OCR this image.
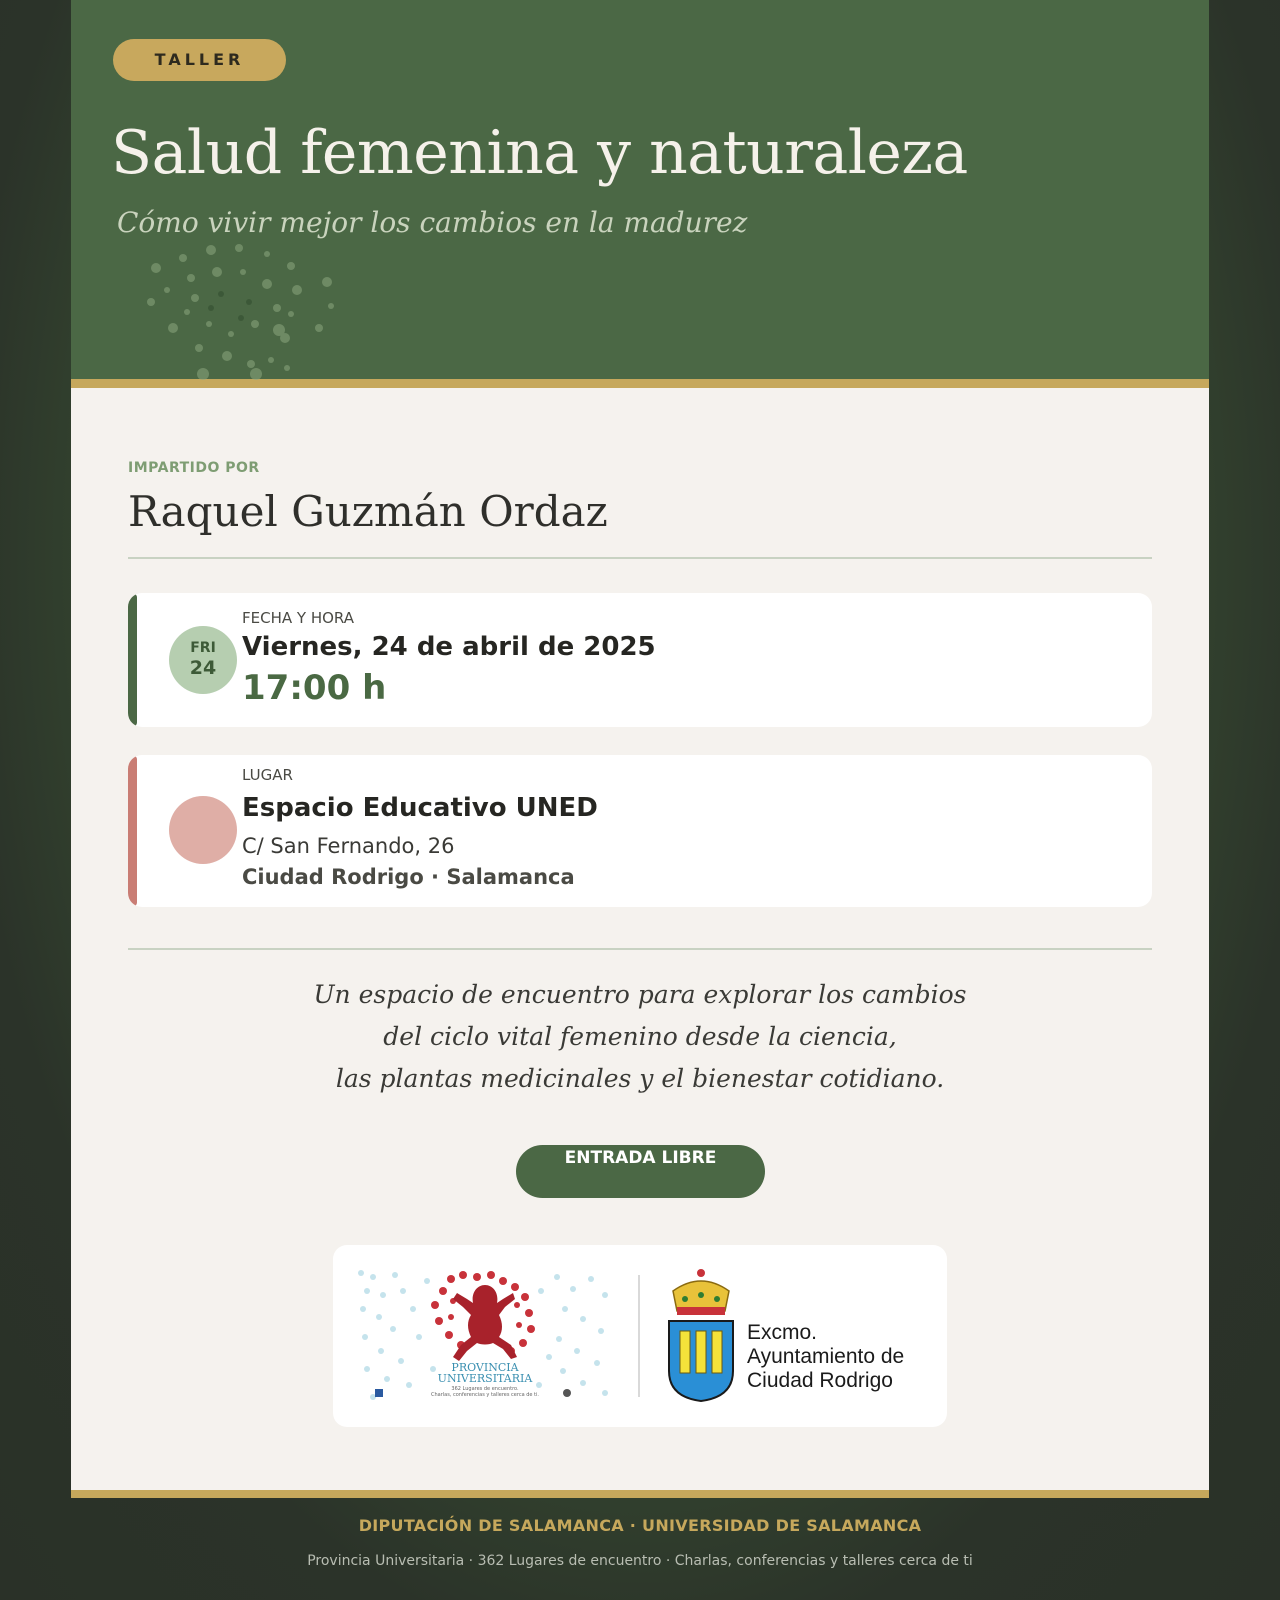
TALLER
Salud femenina y naturaleza
Cómo vivir mejor los cambios en la madurez
IMPARTIDO POR
Raquel Guzmán Ordaz
FRI
24
FECHA Y HORA
Viernes, 24 de abril de 2025
17:00 h
LUGAR
Espacio Educativo UNED
C/ San Fernando, 26
Ciudad Rodrigo · Salamanca
Un espacio de encuentro para explorar los cambios
del ciclo vital femenino desde la ciencia,
las plantas medicinales y el bienestar cotidiano.
ENTRADA LIBRE
PROVINCIA
UNIVERSITARIA
362 Lugares de encuentro.
Charlas, conferencias y talleres cerca de ti.
Excmo.
Ayuntamiento de
Ciudad Rodrigo
DIPUTACIÓN DE SALAMANCA · UNIVERSIDAD DE SALAMANCA
Provincia Universitaria · 362 Lugares de encuentro · Charlas, conferencias y talleres cerca de ti
